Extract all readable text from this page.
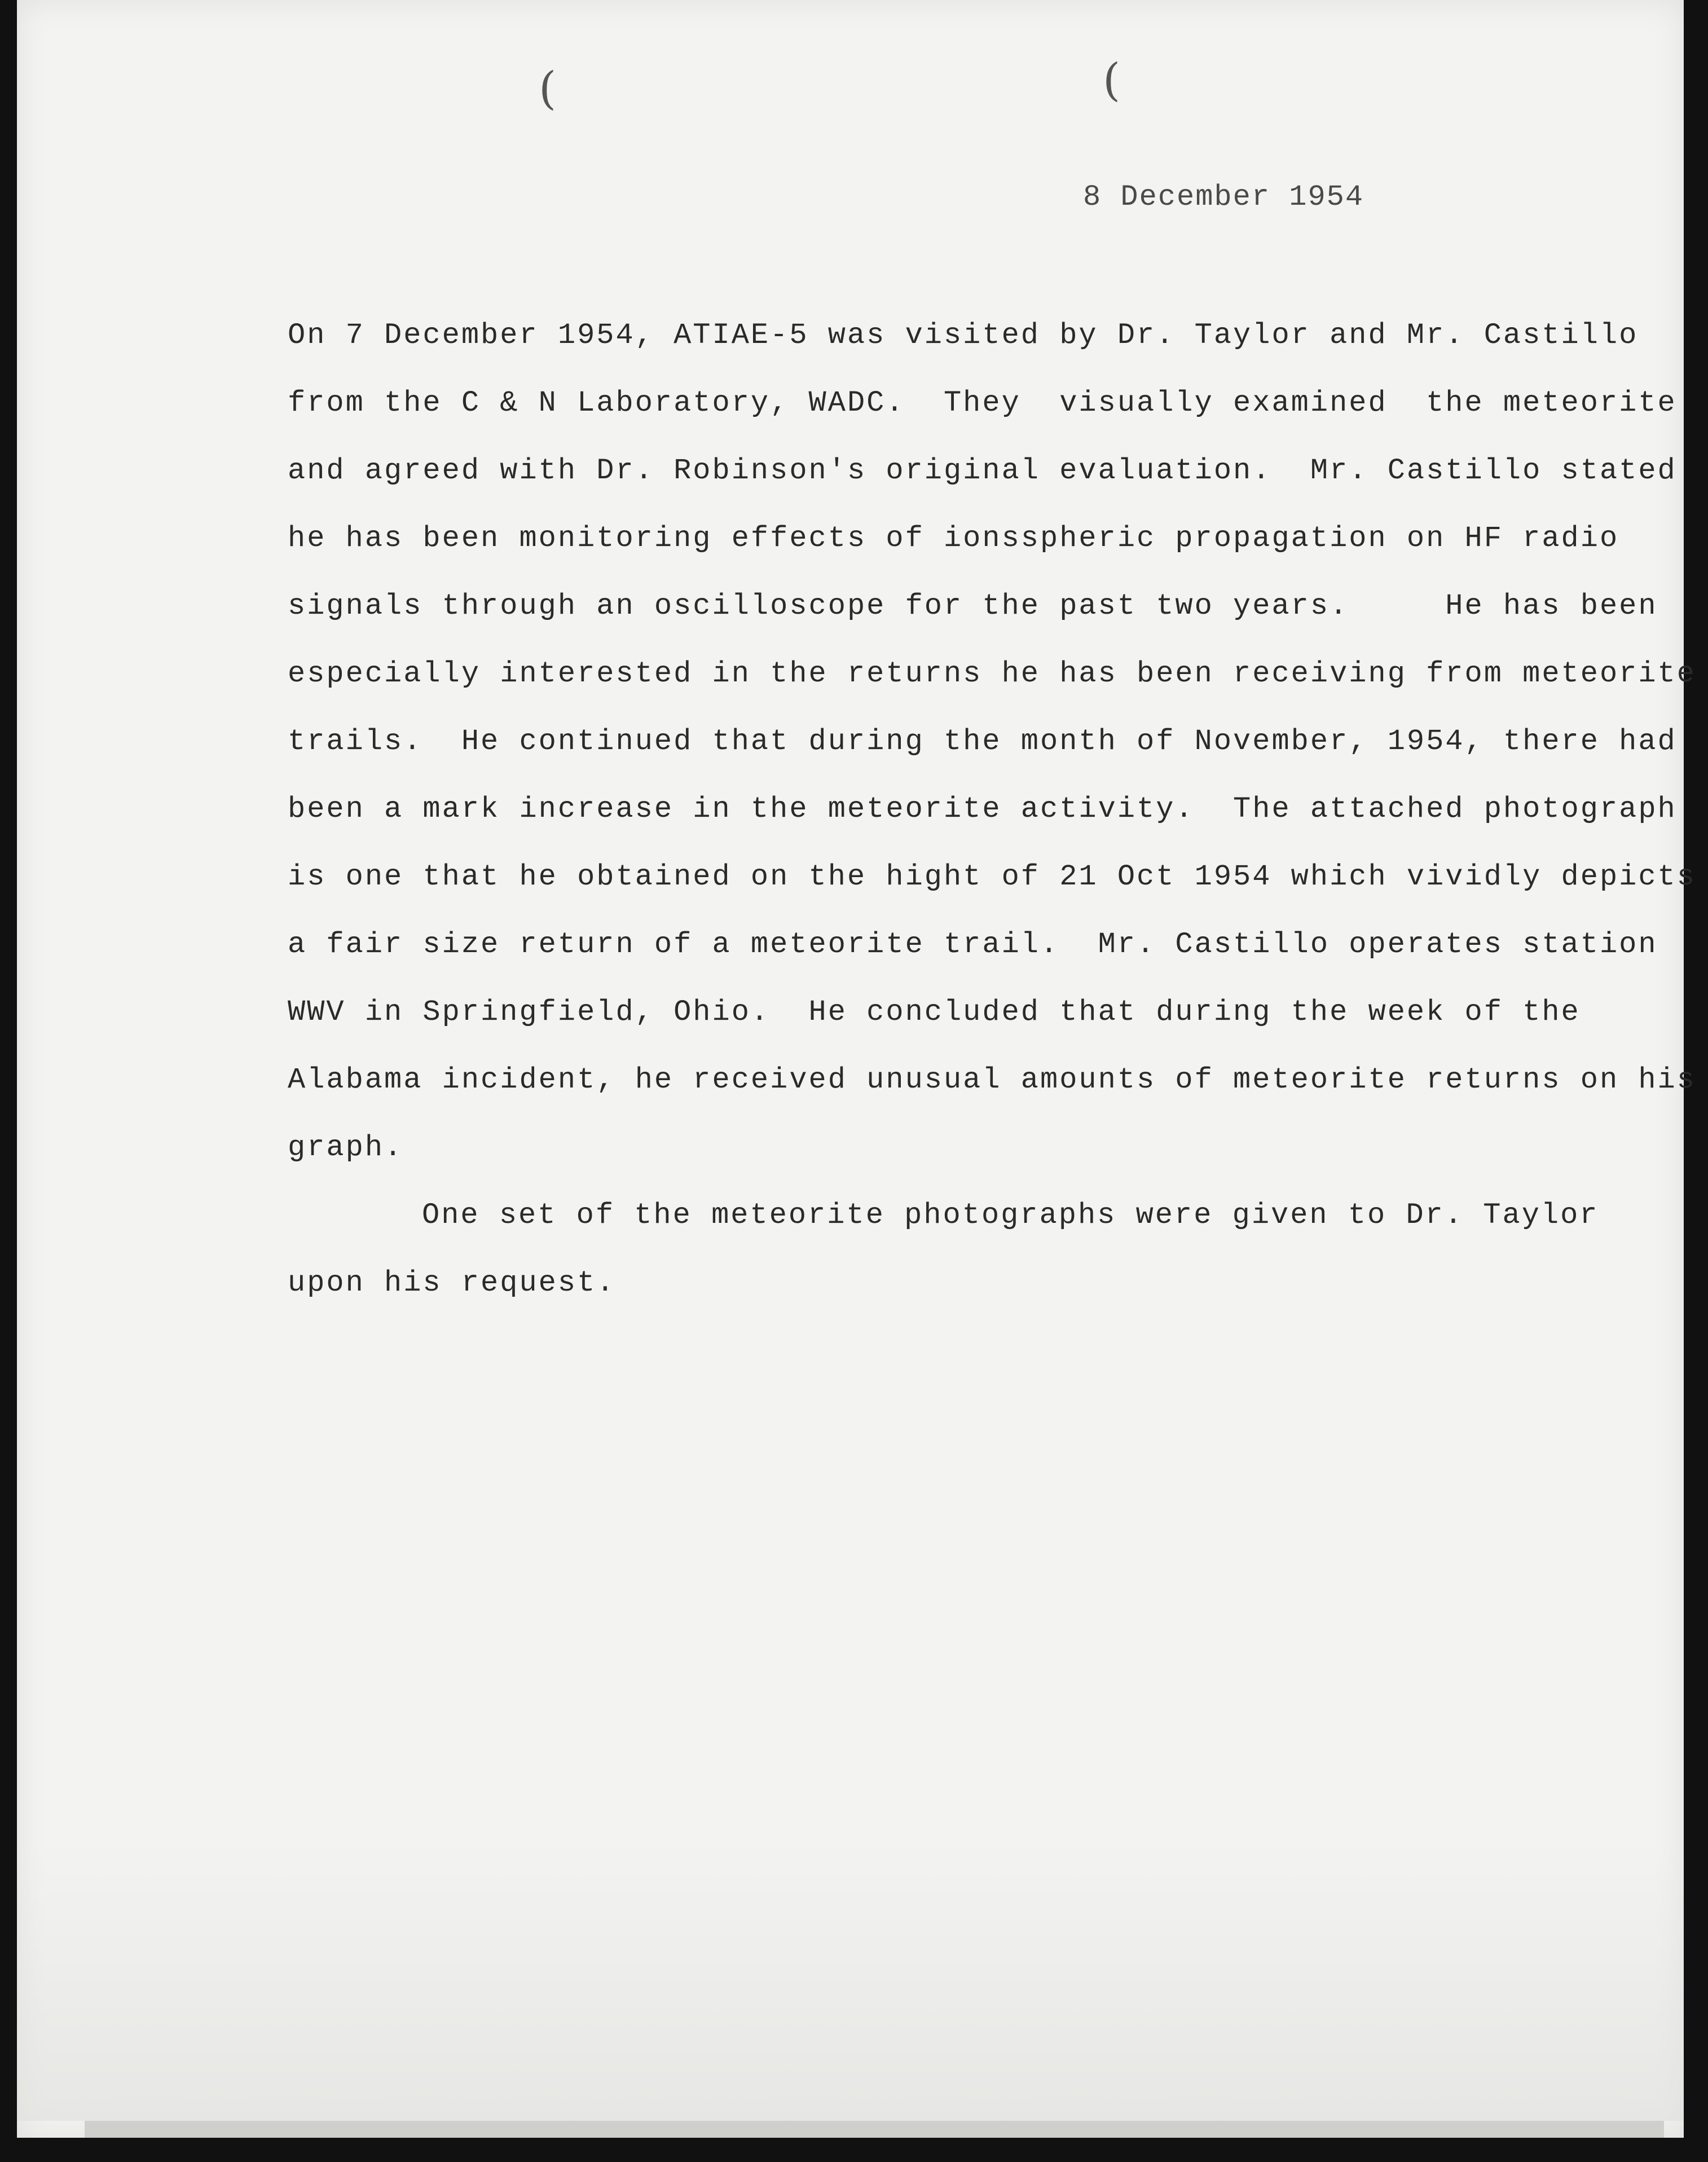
(	(
8 December 1954
On 7 December 1954, ATIAE-5 was visited by Dr. Taylor and Mr. Castillo
from the C & N Laboratory, WADC.  They  visually examined  the meteorite
and agreed with Dr. Robinson's original evaluation.  Mr. Castillo stated
he has been monitoring effects of ionsspheric propagation on HF radio
signals through an oscilloscope for the past two years.     He has been
especially interested in the returns he has been receiving from meteorite
trails.  He continued that during the month of November, 1954, there had
been a mark increase in the meteorite activity.  The attached photograph
is one that he obtained on the hight of 21 Oct 1954 which vividly depicts
a fair size return of a meteorite trail.  Mr. Castillo operates station
WWV in Springfield, Ohio.  He concluded that during the week of the
Alabama incident, he received unusual amounts of meteorite returns on his
graph.
One set of the meteorite photographs were given to Dr. Taylor
upon his request.
